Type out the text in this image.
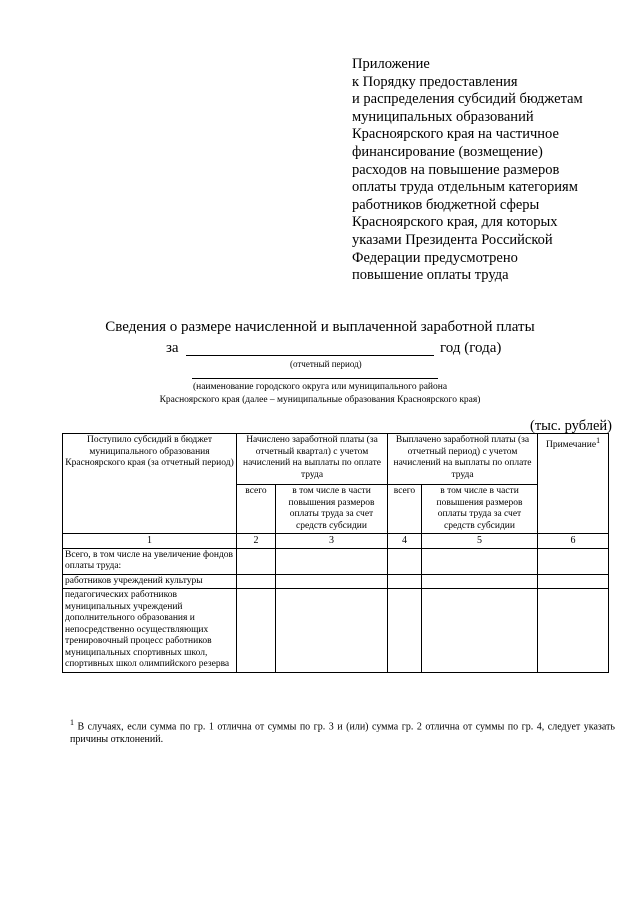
Приложение
к Порядку предоставления
и распределения субсидий бюджетам
муниципальных образований
Красноярского края на частичное
финансирование (возмещение)
расходов на повышение размеров
оплаты труда отдельным категориям
работников бюджетной сферы
Красноярского края, для которых
указами Президента Российской
Федерации предусмотрено
повышение оплаты труда
Сведения о размере начисленной и выплаченной заработной платы
за	год (года)
(отчетный период)
(наименование городского округа или муниципального района
Красноярского края (далее – муниципальные образования Красноярского края)
(тыс. рублей)
Поступило субсидий в бюджет муниципального образования Красноярского края (за отчетный период)	Начислено заработной платы (за отчетный квартал) с учетом начислений на выплаты по оплате труда		Выплачено заработной платы (за отчетный период) с учетом начислений на выплаты по оплате труда		Примечание$^1$
	всего	в том числе в части повышения размеров оплаты труда за счет средств субсидии	всего	в том числе в части повышения размеров оплаты труда за счет средств субсидии	
1	2	3	4	5	6
Всего, в том числе на увеличение фондов оплаты труда:					
работников учреждений культуры					
педагогических работников муниципальных учреждений дополнительного образования и непосредственно осуществляющих тренировочный процесс работников муниципальных спортивных школ, спортивных школ олимпийского резерва					
$^1$ В случаях, если сумма по гр. 1 отлична от суммы по гр. 3 и (или) сумма гр. 2 отлична от суммы по гр. 4, следует указать причины отклонений.
